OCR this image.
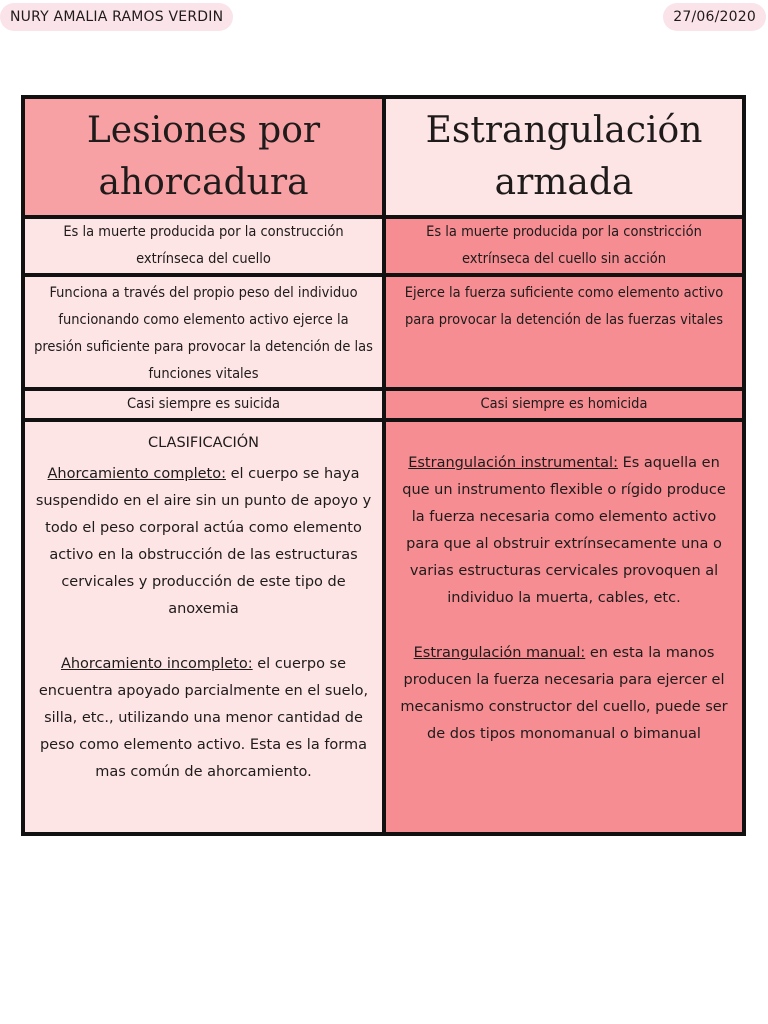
NURY AMALIA RAMOS VERDIN	27/06/2020
Lesiones por
ahorcadura
Estrangulación
armada
Es la muerte producida por la construcción extrínseca del cuello
Es la muerte producida por la constricción extrínseca del cuello sin acción
Funciona a través del propio peso del individuo funcionando como elemento activo ejerce la presión suficiente para provocar la detención de las funciones vitales
Ejerce la fuerza suficiente como elemento activo para provocar la detención de las fuerzas vitales
Casi siempre es suicida	Casi siempre es homicida

CLASIFICACIÓN

Ahorcamiento completo: el cuerpo se haya suspendido en el aire sin un punto de apoyo y todo el peso corporal actúa como elemento activo en la obstrucción de las estructuras cervicales y producción de este tipo de anoxemia

Ahorcamiento incompleto: el cuerpo se encuentra apoyado parcialmente en el suelo, silla, etc., utilizando una menor cantidad de peso como elemento activo. Esta es la forma mas común de ahorcamiento.

Estrangulación instrumental: Es aquella en que un instrumento flexible o rígido produce la fuerza necesaria como elemento activo para que al obstruir extrínsecamente una o varias estructuras cervicales provoquen al individuo la muerta, cables, etc.

Estrangulación manual: en esta la manos producen la fuerza necesaria para ejercer el mecanismo constructor del cuello, puede ser de dos tipos monomanual o bimanual
